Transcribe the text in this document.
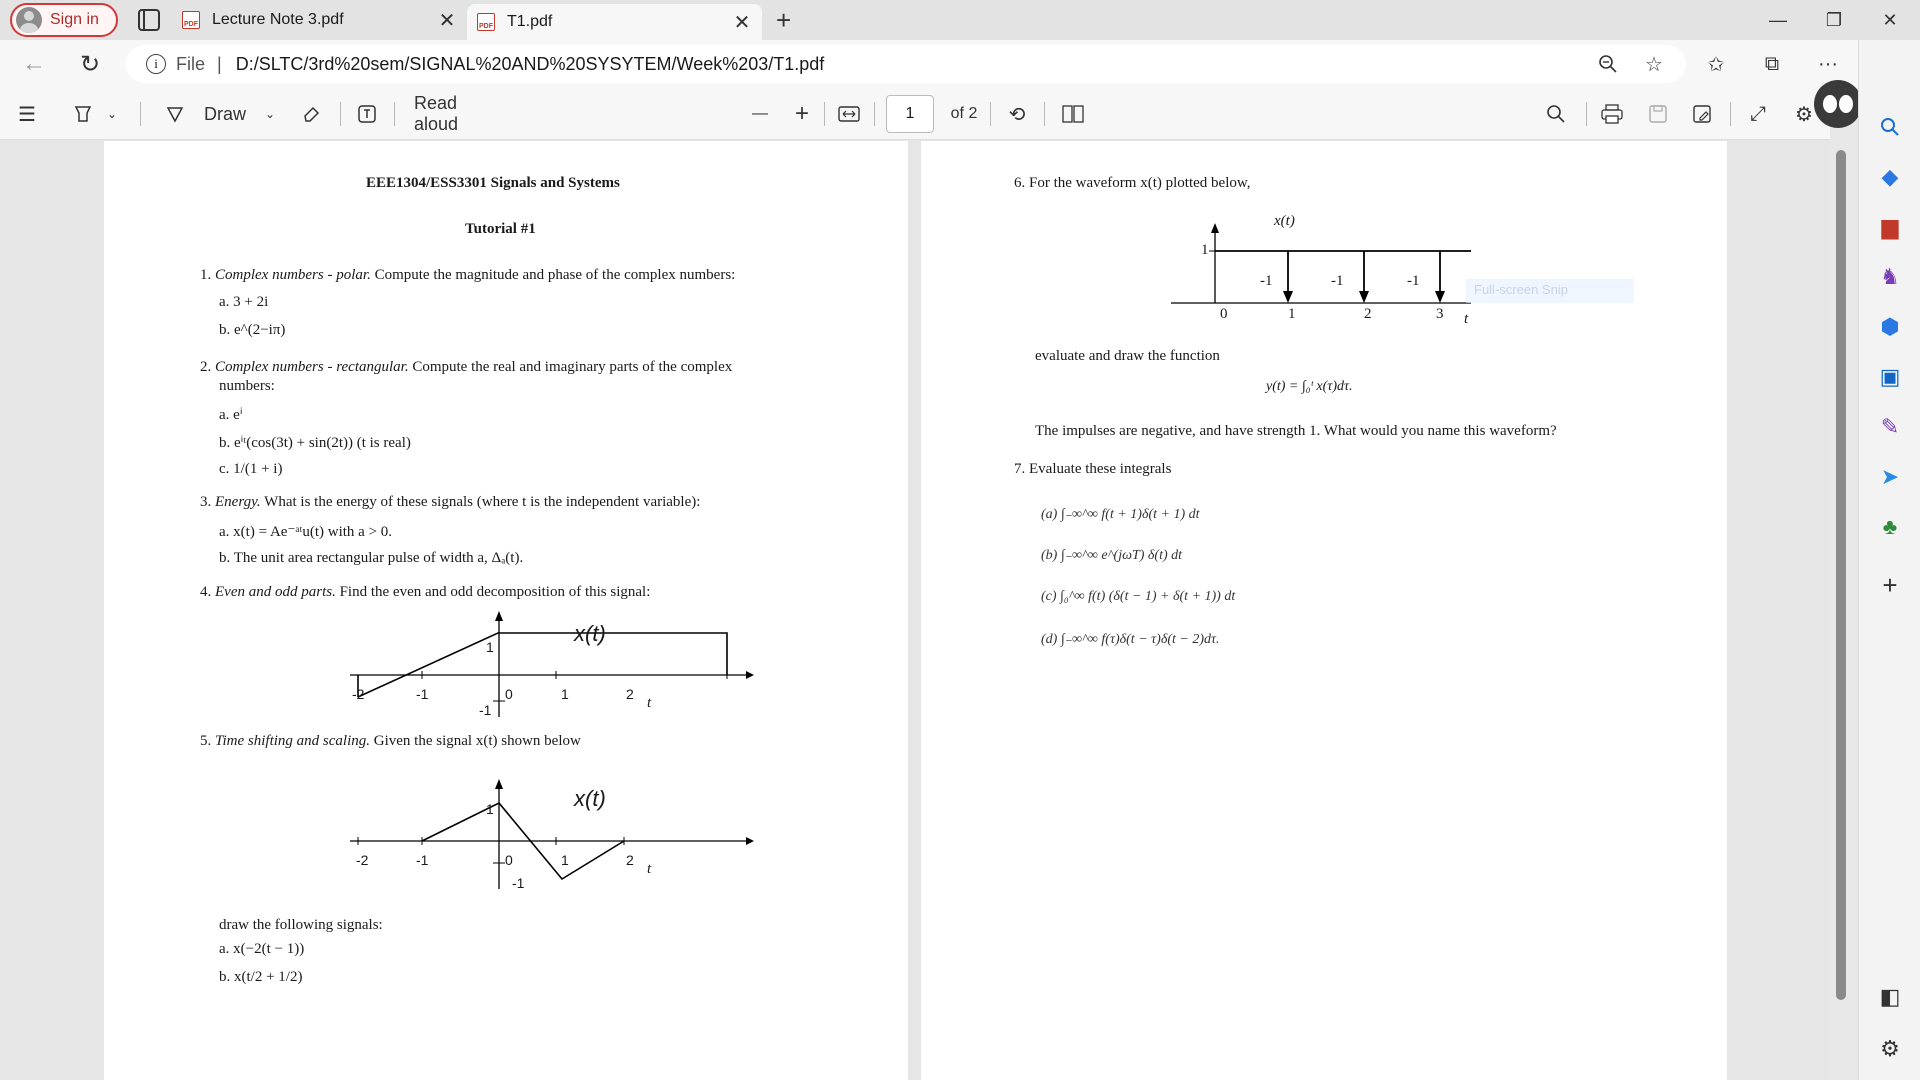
Sign in	PDF Lecture Note 3.pdf	✕	PDF T1.pdf	✕ +	—	❐	✕
←	↻	i	File | D:/SLTC/3rd%20sem/SIGNAL%20AND%20SYSYTEM/Week%203/T1.pdf	☆	✩	⧉	···
☰	⌄	Draw	⌄
Read aloud
— +	1	of 2	⟲	⤢	⚙
EEE1304/ESS3301 Signals and Systems
Tutorial #1
1. Complex numbers - polar. Compute the magnitude and phase of the complex numbers:
a. 3 + 2i
b. e^(2−iπ)
2. Complex numbers - rectangular. Compute the real and imaginary parts of the complex
numbers:
a. eⁱ
b. eⁱᵗ(cos(3t) + sin(2t)) (t is real)
c. 1/(1 + i)
3. Energy. What is the energy of these signals (where t is the independent variable):
a. x(t) = Ae⁻ᵃᵗu(t) with a > 0.
b. The unit area rectangular pulse of width a, Δₐ(t).
4. Even and odd parts. Find the even and odd decomposition of this signal:
x(t)
-2	-1	0	1	2
1
-1	t
5. Time shifting and scaling. Given the signal x(t) shown below
x(t)
-2	-1	0	1	2
1
-1
t
draw the following signals:
a. x(−2(t − 1))
b. x(t/2 + 1/2)
6. For the waveform x(t) plotted below,
x(t)
1
-1	-1	-1
0	1	2	3 t
evaluate and draw the function
y(t) = ∫₀ᵗ x(τ)dτ.
The impulses are negative, and have strength 1. What would you name this waveform?
7. Evaluate these integrals
(a) ∫₋∞^∞ f(t + 1)δ(t + 1) dt
(b) ∫₋∞^∞ e^(jωT) δ(t) dt
(c) ∫₀^∞ f(t) (δ(t − 1) + δ(t + 1)) dt
(d) ∫₋∞^∞ f(τ)δ(t − τ)δ(t − 2)dτ.
Full-screen Snip
◆
▆
♞
⬢
▣
✎
➤
♣
+
◧
⚙
